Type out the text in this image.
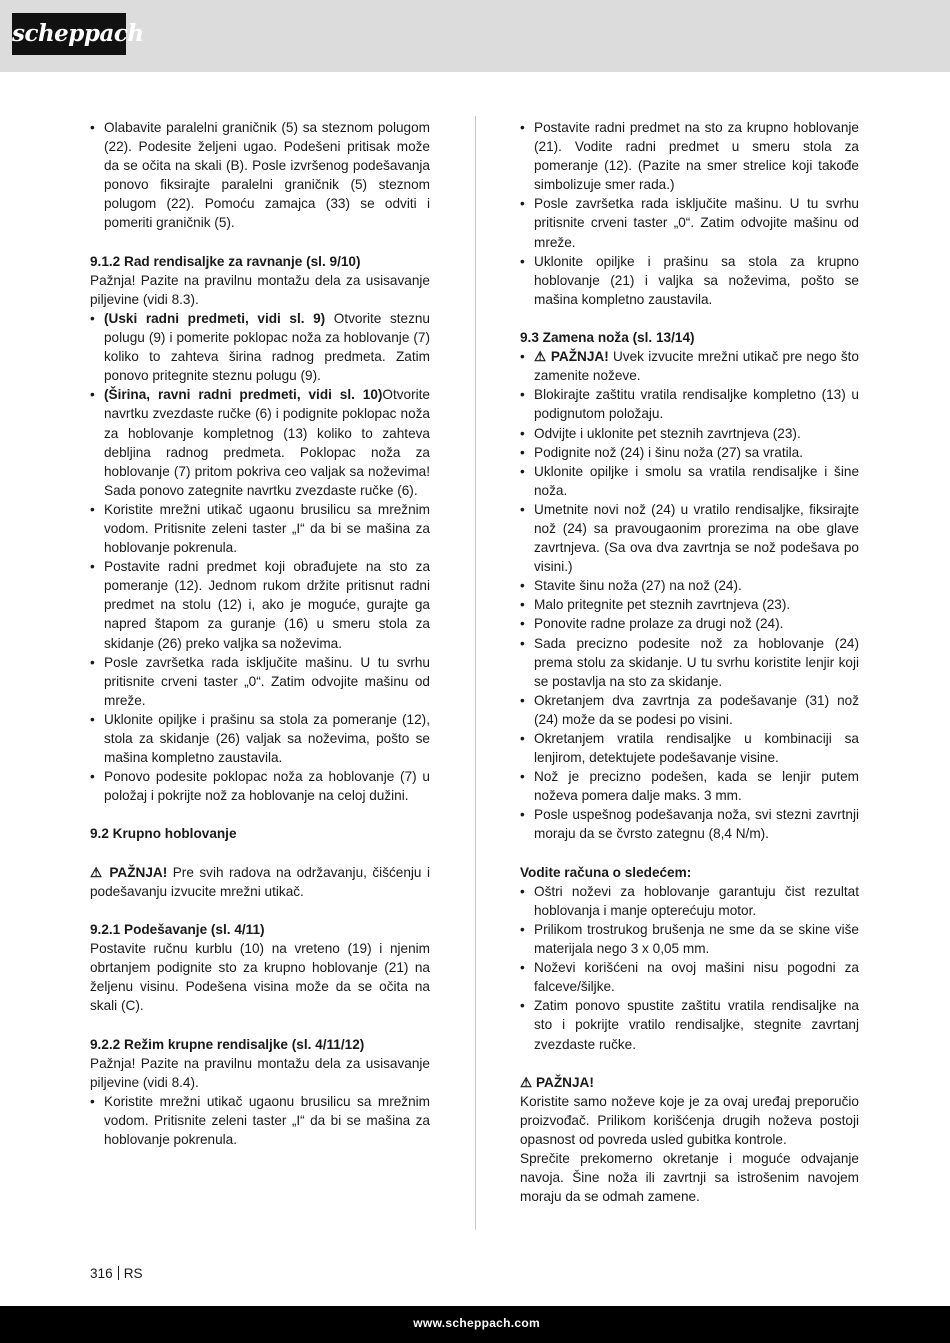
scheppach
• Olabavite paralelni graničnik (5) sa steznom polugom (22). Podesite željeni ugao. Podešeni pritisak može da se očita na skali (B). Posle izvršenog podešavanja ponovo fiksirajte paralelni graničnik (5) steznom polugom (22). Pomoću zamajca (33) se odviti i pomeriti graničnik (5).

9.1.2 Rad rendisaljke za ravnanje (sl. 9/10)

Pažnja! Pazite na pravilnu montažu dela za usisavanje piljevine (vidi 8.3).

• (Uski radni predmeti, vidi sl. 9) Otvorite steznu polugu (9) i pomerite poklopac noža za hoblovanje (7) koliko to zahteva širina radnog predmeta. Zatim ponovo pritegnite steznu polugu (9).
• (Širina, ravni radni predmeti, vidi sl. 10)Otvorite navrtku zvezdaste ručke (6) i podignite poklopac noža za hoblovanje kompletnog (13) koliko to zahteva debljina radnog predmeta. Poklopac noža za hoblovanje (7) pritom pokriva ceo valjak sa noževima! Sada ponovo zategnite navrtku zvezdaste ručke (6).
• Koristite mrežni utikač ugaonu brusilicu sa mrežnim vodom. Pritisnite zeleni taster „I“ da bi se mašina za hoblovanje pokrenula.
• Postavite radni predmet koji obrađujete na sto za pomeranje (12). Jednom rukom držite pritisnut radni predmet na stolu (12) i, ako je moguće, gurajte ga napred štapom za guranje (16) u smeru stola za skidanje (26) preko valjka sa noževima.
• Posle završetka rada isključite mašinu. U tu svrhu pritisnite crveni taster „0“. Zatim odvojite mašinu od mreže.
• Uklonite opiljke i prašinu sa stola za pomeranje (12), stola za skidanje (26) valjak sa noževima, pošto se mašina kompletno zaustavila.
• Ponovo podesite poklopac noža za hoblovanje (7) u položaj i pokrijte nož za hoblovanje na celoj dužini.

9.2 Krupno hoblovanje

⚠ PAŽNJA! Pre svih radova na održavanju, čišćenju i podešavanju izvucite mrežni utikač.

9.2.1 Podešavanje (sl. 4/11)

Postavite ručnu kurblu (10) na vreteno (19) i njenim obrtanjem podignite sto za krupno hoblovanje (21) na željenu visinu. Podešena visina može da se očita na skali (C).

9.2.2 Režim krupne rendisaljke (sl. 4/11/12)

Pažnja! Pazite na pravilnu montažu dela za usisavanje piljevine (vidi 8.4).

• Koristite mrežni utikač ugaonu brusilicu sa mrežnim vodom. Pritisnite zeleni taster „I“ da bi se mašina za hoblovanje pokrenula.
• Postavite radni predmet na sto za krupno hoblovanje (21). Vodite radni predmet u smeru stola za pomeranje (12). (Pazite na smer strelice koji takođe simbolizuje smer rada.)
• Posle završetka rada isključite mašinu. U tu svrhu pritisnite crveni taster „0“. Zatim odvojite mašinu od mreže.
• Uklonite opiljke i prašinu sa stola za krupno hoblovanje (21) i valjka sa noževima, pošto se mašina kompletno zaustavila.

9.3 Zamena noža (sl. 13/14)

• ⚠ PAŽNJA! Uvek izvucite mrežni utikač pre nego što zamenite noževe.
• Blokirajte zaštitu vratila rendisaljke kompletno (13) u podignutom položaju.
• Odvijte i uklonite pet steznih zavrtnjeva (23).
• Podignite nož (24) i šinu noža (27) sa vratila.
• Uklonite opiljke i smolu sa vratila rendisaljke i šine noža.
• Umetnite novi nož (24) u vratilo rendisaljke, fiksirajte nož (24) sa pravougaonim prorezima na obe glave zavrtnjeva. (Sa ova dva zavrtnja se nož podešava po visini.)
• Stavite šinu noža (27) na nož (24).
• Malo pritegnite pet steznih zavrtnjeva (23).
• Ponovite radne prolaze za drugi nož (24).
• Sada precizno podesite nož za hoblovanje (24) prema stolu za skidanje. U tu svrhu koristite lenjir koji se postavlja na sto za skidanje.
• Okretanjem dva zavrtnja za podešavanje (31) nož (24) može da se podesi po visini.
• Okretanjem vratila rendisaljke u kombinaciji sa lenjirom, detektujete podešavanje visine.
• Nož je precizno podešen, kada se lenjir putem noževa pomera dalje maks. 3 mm.
• Posle uspešnog podešavanja noža, svi stezni zavrtnji moraju da se čvrsto zategnu (8,4 N/m).

Vodite računa o sledećem:

• Oštri noževi za hoblovanje garantuju čist rezultat hoblovanja i manje opterećuju motor.
• Prilikom trostrukog brušenja ne sme da se skine više materijala nego 3 x 0,05 mm.
• Noževi korišćeni na ovoj mašini nisu pogodni za falceve/šiljke.
• Zatim ponovo spustite zaštitu vratila rendisaljke na sto i pokrijte vratilo rendisaljke, stegnite zavrtanj zvezdaste ručke.

⚠ PAŽNJA!

Koristite samo noževe koje je za ovaj uređaj preporučio proizvođač. Prilikom korišćenja drugih noževa postoji opasnost od povreda usled gubitka kontrole.

Sprečite prekomerno okretanje i moguće odvajanje navoja. Šine noža ili zavrtnji sa istrošenim navojem moraju da se odmah zamene.

316 RS
www.scheppach.com
